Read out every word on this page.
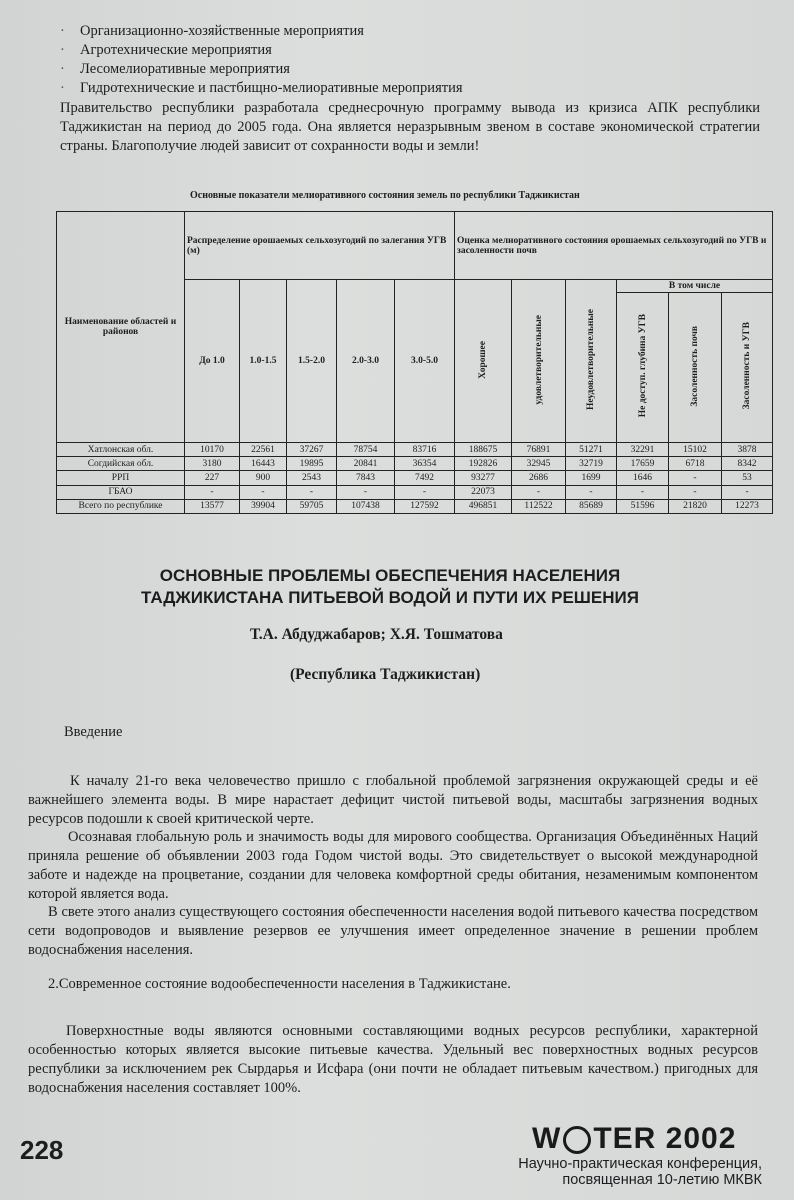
· Организационно-хозяйственные мероприятия
· Агротехнические мероприятия
· Лесомелиоративные мероприятия
· Гидротехнические и пастбищно-мелиоративные мероприятия
Правительство республики разработала среднесрочную программу вывода из кризиса АПК республики Таджикистан на период до 2005 года. Она является неразрывным звеном в составе экономической стратегии страны. Благополучие людей зависит от сохранности воды и земли!
Основные показатели мелиоративного состояния земель по республики Таджикистан
Наименование областей и районов	Распределение орошаемых сельхозугодий по залегания УГВ (м)					Оценка мелиоративного состояния орошаемых сельхозугодий по УГВ и засоленности почв					
	До 1.0	1.0-1.5	1.5-2.0	2.0-3.0	3.0-5.0	Хорошее	удовлетворительные	Неудовлетворительные	В том числе		
									Не доступ. глубина УГВ	Засоленность почв	Засоленность и УГВ
Хатлонская обл.	10170	22561	37267	78754	83716	188675	76891	51271	32291	15102	3878
Согдийская обл.	3180	16443	19895	20841	36354	192826	32945	32719	17659	6718	8342
РРП	227	900	2543	7843	7492	93277	2686	1699	1646	-	53
ГБАО	-	-	-	-	-	22073	-	-	-	-	-
Всего по республике	13577	39904	59705	107438	127592	496851	112522	85689	51596	21820	12273
ОСНОВНЫЕ ПРОБЛЕМЫ ОБЕСПЕЧЕНИЯ НАСЕЛЕНИЯ
ТАДЖИКИСТАНА ПИТЬЕВОЙ ВОДОЙ И ПУТИ ИХ РЕШЕНИЯ
Т.А. Абдуджабаров; Х.Я. Тошматова
(Республика Таджикистан)
Введение
К началу 21-го века человечество пришло с глобальной проблемой загрязнения окружающей среды и её важнейшего элемента воды. В мире нарастает дефицит чистой питьевой воды, масштабы загрязнения водных ресурсов подошли к своей критической черте.
Осознавая глобальную роль и значимость воды для мирового сообщества. Организация Объединённых Наций приняла решение об объявлении 2003 года Годом чистой воды. Это свидетельствует о высокой международной заботе и надежде на процветание, создании для человека комфортной среды обитания, незаменимым компонентом которой является вода.
В свете этого анализ существующего состояния обеспеченности населения водой питьевого качества посредством сети водопроводов и выявление резервов ее улучшения имеет определенное значение в решении проблем водоснабжения населения.
2.Современное состояние водообеспеченности населения в Таджикистане.
Поверхностные воды являются основными составляющими водных ресурсов республики, характерной особенностью которых является высокие питьевые качества. Удельный вес поверхностных водных ресурсов республики за исключением рек Сырдарья и Исфара (они почти не обладает питьевым качеством.) пригодных для водоснабжения населения составляет 100%.
228	W TER 2002
Научно-практическая конференция,
посвященная 10-летию МКВК
